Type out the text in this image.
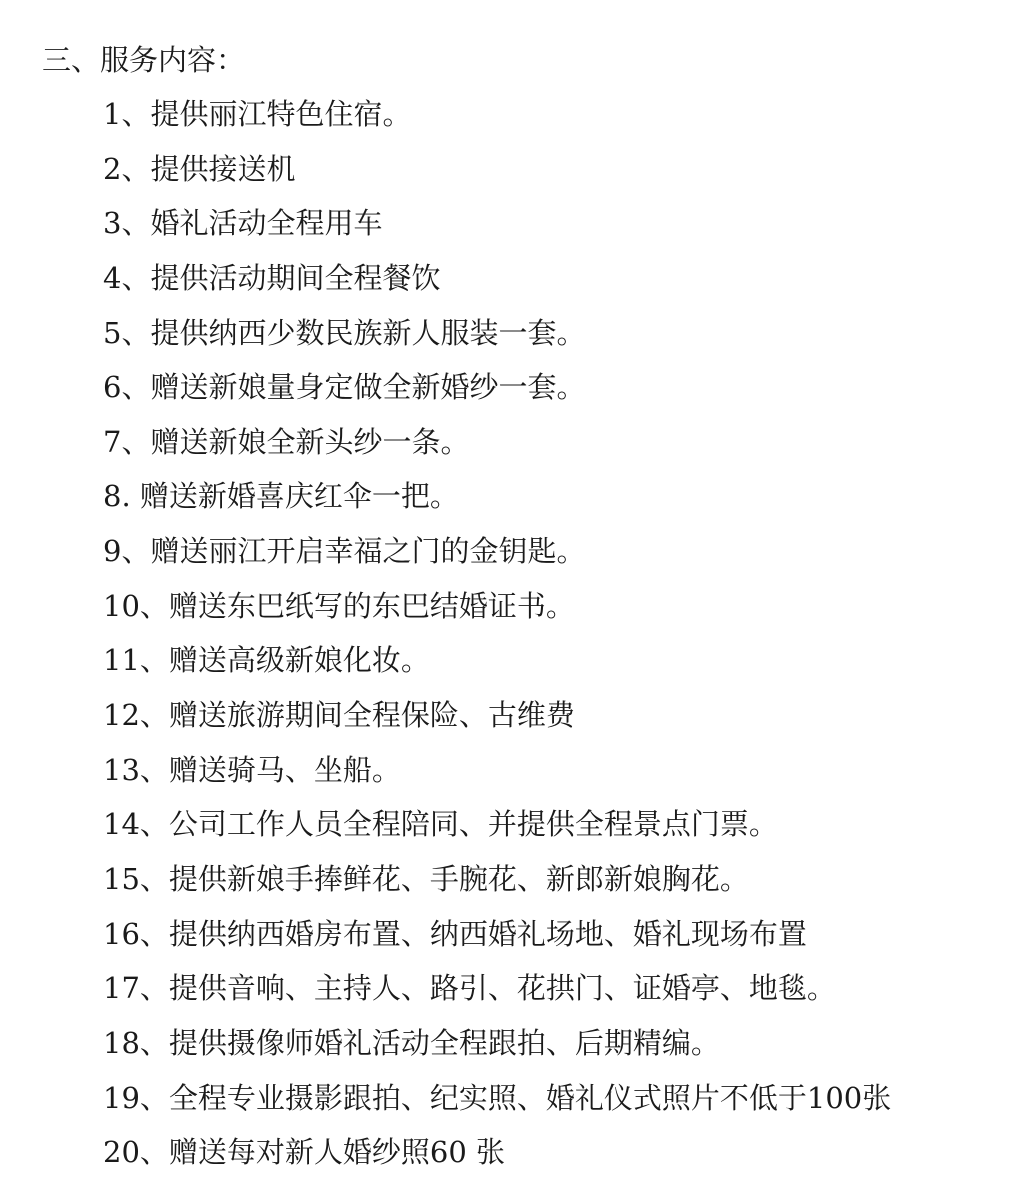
三、服务内容：
1、提供丽江特色住宿。
2、提供接送机
3、婚礼活动全程用车
4、提供活动期间全程餐饮
5、提供纳西少数民族新人服装一套。
6、赠送新娘量身定做全新婚纱一套。
7、赠送新娘全新头纱一条。
8. 赠送新婚喜庆红伞一把。
9、赠送丽江开启幸福之门的金钥匙。
10、赠送东巴纸写的东巴结婚证书。
11、赠送高级新娘化妆。
12、赠送旅游期间全程保险、古维费
13、赠送骑马、坐船。
14、公司工作人员全程陪同、并提供全程景点门票。
15、提供新娘手捧鲜花、手腕花、新郎新娘胸花。
16、提供纳西婚房布置、纳西婚礼场地、婚礼现场布置
17、提供音响、主持人、路引、花拱门、证婚亭、地毯。
18、提供摄像师婚礼活动全程跟拍、后期精编。
19、全程专业摄影跟拍、纪实照、婚礼仪式照片不低于100张
20、赠送每对新人婚纱照60 张
